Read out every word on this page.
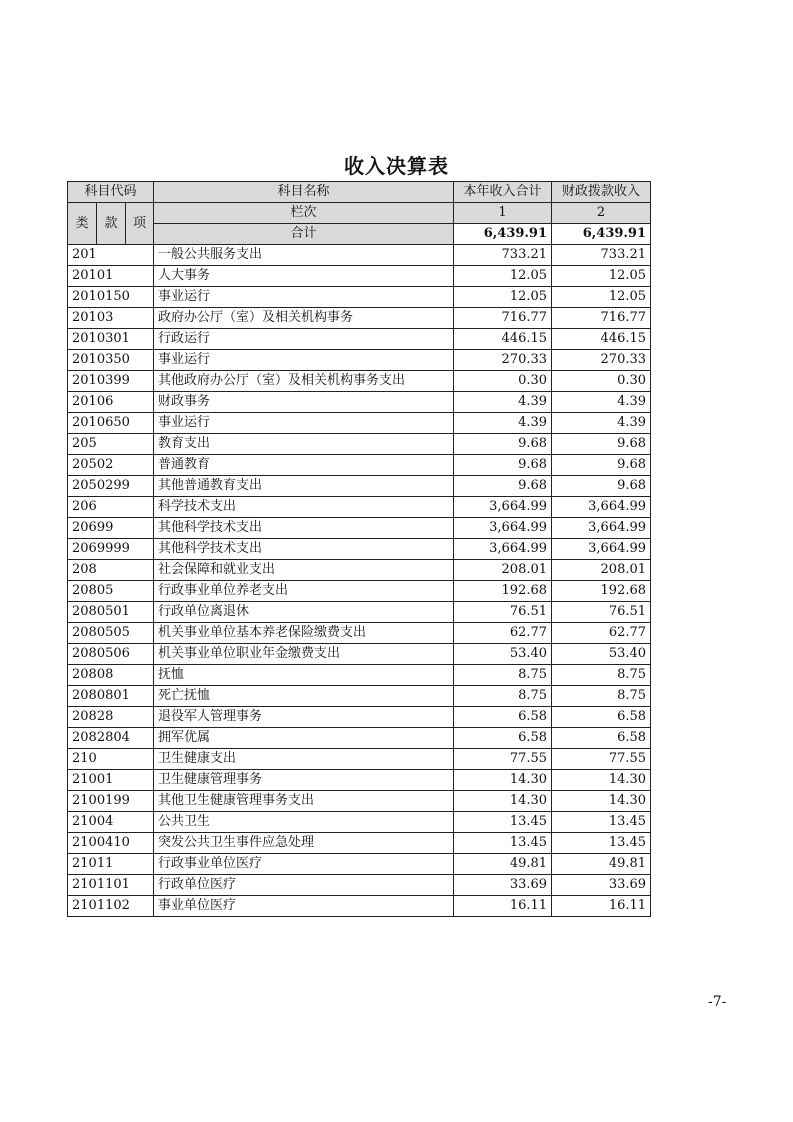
收入决算表
科目代码			科目名称	本年收入合计	财政拨款收入
类	款	项	栏次	1	2
			合计	6,439.91	6,439.91
201			一般公共服务支出	733.21	733.21
20101			人大事务	12.05	12.05
2010150			事业运行	12.05	12.05
20103			政府办公厅（室）及相关机构事务	716.77	716.77
2010301			行政运行	446.15	446.15
2010350			事业运行	270.33	270.33
2010399			其他政府办公厅（室）及相关机构事务支出	0.30	0.30
20106			财政事务	4.39	4.39
2010650			事业运行	4.39	4.39
205			教育支出	9.68	9.68
20502			普通教育	9.68	9.68
2050299			其他普通教育支出	9.68	9.68
206			科学技术支出	3,664.99	3,664.99
20699			其他科学技术支出	3,664.99	3,664.99
2069999			其他科学技术支出	3,664.99	3,664.99
208			社会保障和就业支出	208.01	208.01
20805			行政事业单位养老支出	192.68	192.68
2080501			行政单位离退休	76.51	76.51
2080505			机关事业单位基本养老保险缴费支出	62.77	62.77
2080506			机关事业单位职业年金缴费支出	53.40	53.40
20808			抚恤	8.75	8.75
2080801			死亡抚恤	8.75	8.75
20828			退役军人管理事务	6.58	6.58
2082804			拥军优属	6.58	6.58
210			卫生健康支出	77.55	77.55
21001			卫生健康管理事务	14.30	14.30
2100199			其他卫生健康管理事务支出	14.30	14.30
21004			公共卫生	13.45	13.45
2100410			突发公共卫生事件应急处理	13.45	13.45
21011			行政事业单位医疗	49.81	49.81
2101101			行政单位医疗	33.69	33.69
2101102			事业单位医疗	16.11	16.11
-7-
